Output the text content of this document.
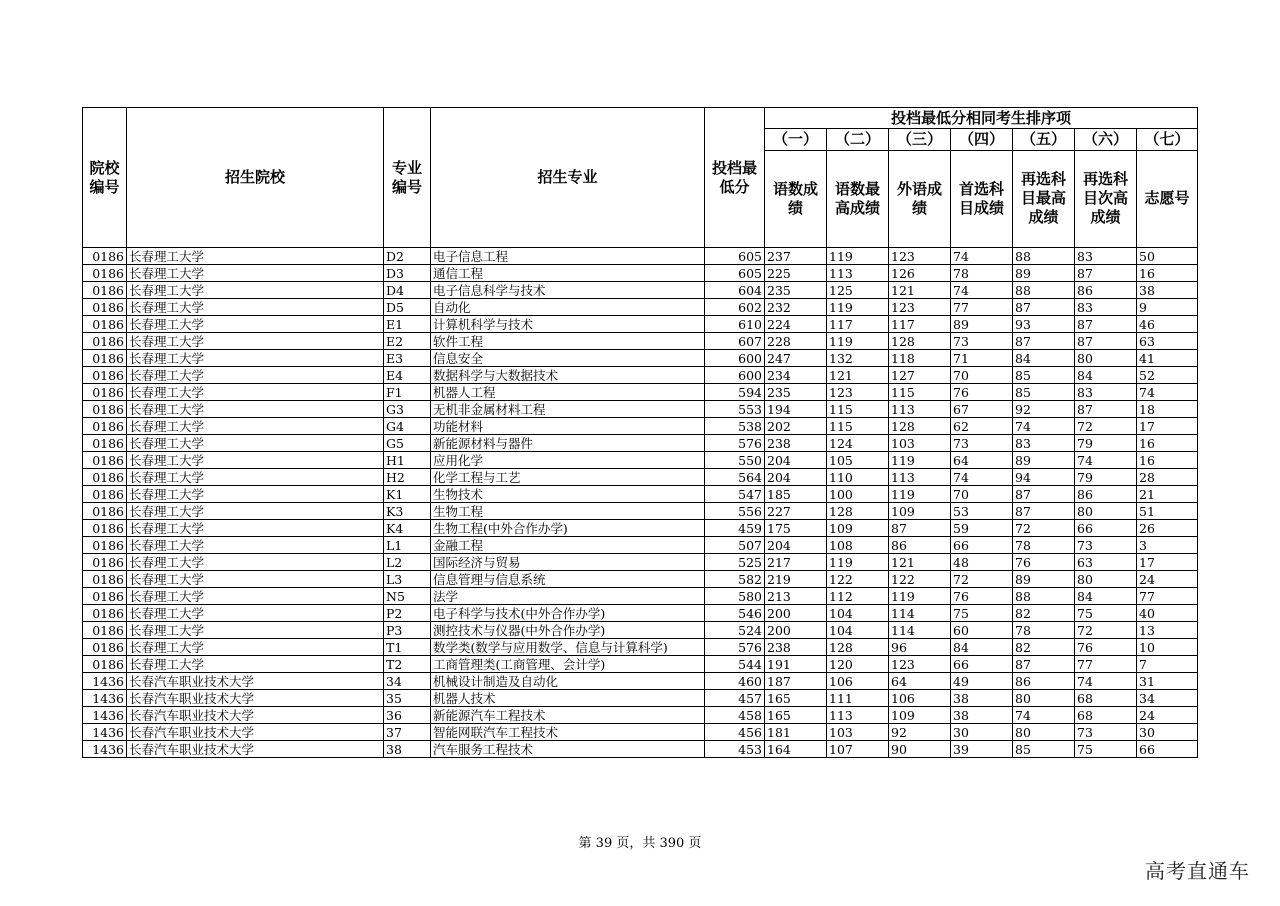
院校编号	招生院校	专业编号	招生专业	投档最低分	投档最低分相同考生排序项						
					（一）	（二）	（三）	（四）	（五）	（六）	（七）
					语数成绩	语数最高成绩	外语成绩	首选科目成绩	再选科目最高成绩	再选科目次高成绩	志愿号
0186	长春理工大学	D2	电子信息工程	605	237	119	123	74	88	83	50
0186	长春理工大学	D3	通信工程	605	225	113	126	78	89	87	16
0186	长春理工大学	D4	电子信息科学与技术	604	235	125	121	74	88	86	38
0186	长春理工大学	D5	自动化	602	232	119	123	77	87	83	9
0186	长春理工大学	E1	计算机科学与技术	610	224	117	117	89	93	87	46
0186	长春理工大学	E2	软件工程	607	228	119	128	73	87	87	63
0186	长春理工大学	E3	信息安全	600	247	132	118	71	84	80	41
0186	长春理工大学	E4	数据科学与大数据技术	600	234	121	127	70	85	84	52
0186	长春理工大学	F1	机器人工程	594	235	123	115	76	85	83	74
0186	长春理工大学	G3	无机非金属材料工程	553	194	115	113	67	92	87	18
0186	长春理工大学	G4	功能材料	538	202	115	128	62	74	72	17
0186	长春理工大学	G5	新能源材料与器件	576	238	124	103	73	83	79	16
0186	长春理工大学	H1	应用化学	550	204	105	119	64	89	74	16
0186	长春理工大学	H2	化学工程与工艺	564	204	110	113	74	94	79	28
0186	长春理工大学	K1	生物技术	547	185	100	119	70	87	86	21
0186	长春理工大学	K3	生物工程	556	227	128	109	53	87	80	51
0186	长春理工大学	K4	生物工程(中外合作办学)	459	175	109	87	59	72	66	26
0186	长春理工大学	L1	金融工程	507	204	108	86	66	78	73	3
0186	长春理工大学	L2	国际经济与贸易	525	217	119	121	48	76	63	17
0186	长春理工大学	L3	信息管理与信息系统	582	219	122	122	72	89	80	24
0186	长春理工大学	N5	法学	580	213	112	119	76	88	84	77
0186	长春理工大学	P2	电子科学与技术(中外合作办学)	546	200	104	114	75	82	75	40
0186	长春理工大学	P3	测控技术与仪器(中外合作办学)	524	200	104	114	60	78	72	13
0186	长春理工大学	T1	数学类(数学与应用数学、信息与计算科学)	576	238	128	96	84	82	76	10
0186	长春理工大学	T2	工商管理类(工商管理、会计学)	544	191	120	123	66	87	77	7
1436	长春汽车职业技术大学	34	机械设计制造及自动化	460	187	106	64	49	86	74	31
1436	长春汽车职业技术大学	35	机器人技术	457	165	111	106	38	80	68	34
1436	长春汽车职业技术大学	36	新能源汽车工程技术	458	165	113	109	38	74	68	24
1436	长春汽车职业技术大学	37	智能网联汽车工程技术	456	181	103	92	30	80	73	30
1436	长春汽车职业技术大学	38	汽车服务工程技术	453	164	107	90	39	85	75	66
第 39 页，共 390 页
高考直通车
